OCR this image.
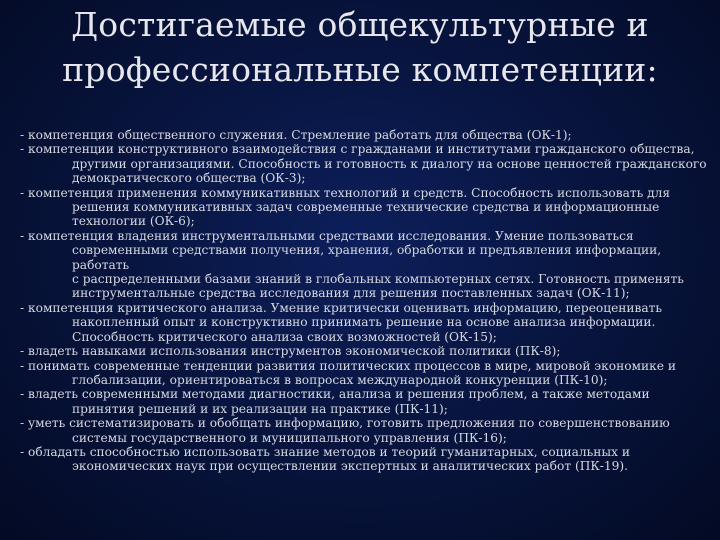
Достигаемые общекультурные и
профессиональные компетенции:
- компетенция общественного служения. Стремление работать для общества (ОК-1);
- компетенции конструктивного взаимодействия с гражданами и институтами гражданского общества,
другими организациями. Способность и готовность к диалогу на основе ценностей гражданского
демократического общества (ОК-3);
- компетенция применения коммуникативных технологий и средств. Способность использовать для
решения коммуникативных задач современные технические средства и информационные
технологии (ОК-6);
- компетенция владения инструментальными средствами исследования. Умение пользоваться
современными средствами получения, хранения, обработки и предъявления информации, работать
с распределенными базами знаний в глобальных компьютерных сетях. Готовность применять
инструментальные средства исследования для решения поставленных задач (ОК-11);
- компетенция критического анализа. Умение критически оценивать информацию, переоценивать
накопленный опыт и конструктивно принимать решение на основе анализа информации.
Способность критического анализа своих возможностей (ОК-15);
- владеть навыками использования инструментов экономической политики (ПК-8);
- понимать современные тенденции развития политических процессов в мире, мировой экономике и
глобализации, ориентироваться в вопросах международной конкуренции (ПК-10);
- владеть современными методами диагностики, анализа и решения проблем, а также методами
принятия решений и их реализации на практике (ПК-11);
- уметь систематизировать и обобщать информацию, готовить предложения по совершенствованию
системы государственного и муниципального управления (ПК-16);
- обладать способностью использовать знание методов и теорий гуманитарных, социальных и
экономических наук при осуществлении экспертных и аналитических работ (ПК-19).
